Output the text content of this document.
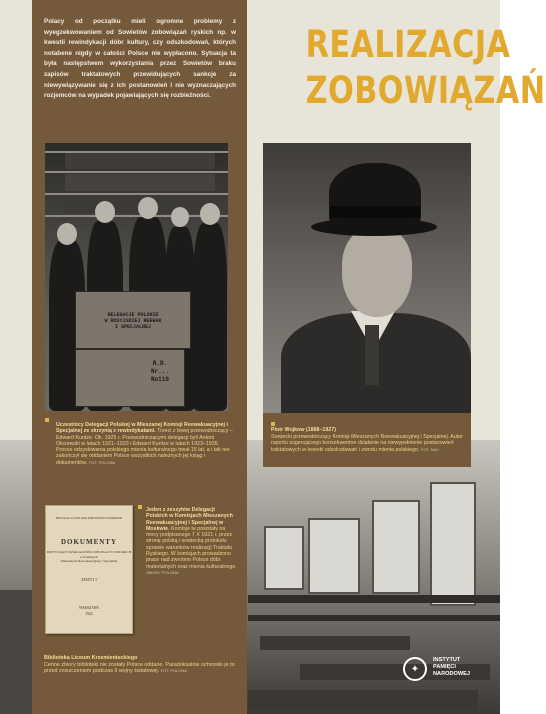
Polacy od początku mieli ogromne problemy z wyegzekwowaniem od Sowietów zobowiązań ryskich np. w kwestii rewindykacji dóbr kultury, czy odszkodowań, których notabene nigdy w całości Polsce nie wypłacono. Sytuacja ta była następstwem wykorzystania przez Sowietów braku zapisów traktatowych przewidujących sankcje za niewywiązywanie się z ich postanowień i nie wyznaczających rozjemców na wypadek pojawiających się rozbieżności.
DELEGACJE POLSKIE
W ROSYJSKIEJ REEWAK
I SPECJALNEJ
R.D.
Nr...
No118
Uczestnicy Delegacji Polskiej w Mieszanej Komisji Reewakuacyjnej i Specjalnej ze skrzynią z rewindykatami. Trzeci z lewej przewodniczący – Edward Kuntze. Ok. 1925 r. Przewodniczącymi delegacji byli Antoni Olszewski w latach 1921–1923 i Edward Kuntze w latach 1923–1935. Proces odzyskiwania polskiego mienia kulturalnego trwał 15 lat, a i tak nie zakończył się oddaniem Polsce wszystkich należnych jej ksiąg i dokumentów. FOT. POLONA
DELEGACJA POLSKA MIESZANYCH KOMISJI
DOKUMENTY
DOTYCZĄCE DZIAŁALNOŚCI DELEGACYJ POLSKICH
w Komisjach
Mieszanych Reewakuacyjnej i Specjalnej
ZESZYT I
WARSZAWA
1922
Jeden z zeszytów Delegacji Polskich w Komisjach Mieszanych Reewakuacyjnej i Specjalnej w Moskwie. Komisje te powstały na mocy podpisanego 7 X 1921 r. przez stronę polską i sowiecką protokołu sprawie warunków realizacji Traktatu Ryskiego. W komisjach prowadzono prace nad zwrotem Polsce dóbr materialnych oraz mienia kulturalnego. ZBIORY POLONA
Biblioteka Liceum Krzemienieckiego
Cenne zbiory biblioteki nie zostały Polsce oddane. Paradoksalnie ochroniło je to przed zniszczeniem podczas II wojny światowej. FOT. POLONA
REALIZACJA
ZOBOWIĄZAŃ
Piotr Wojkow (1888–1927)
Sowiecki przewodniczący Komisji Mieszanych Reewakuacyjnej i Specjalnej. Autor raportu sugerującego konsekwentne działanie na niewypełnienie postanowień traktatowych w kwestii odszkodowań i zwrotu mienia polskiego. FOT. NAC
✦
INSTYTUT
PAMIĘCI
NARODOWEJ
